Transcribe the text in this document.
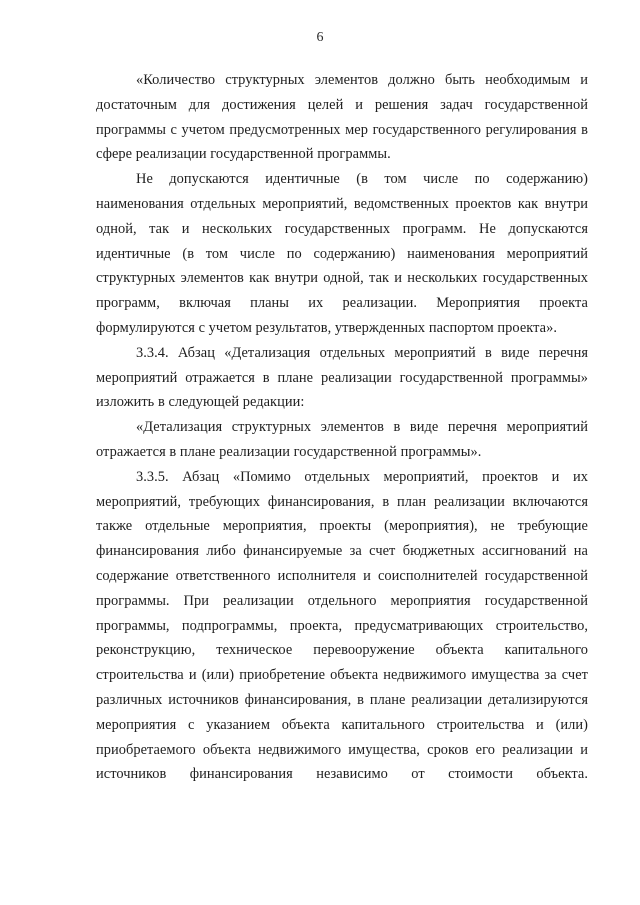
6

«Количество структурных элементов должно быть необходимым и достаточным для достижения целей и решения задач государственной программы с учетом предусмотренных мер государственного регулирования в сфере реализации государственной программы.

Не допускаются идентичные (в том числе по содержанию) наименования отдельных мероприятий, ведомственных проектов как внутри одной, так и нескольких государственных программ. Не допускаются идентичные (в том числе по содержанию) наименования мероприятий структурных элементов как внутри одной, так и нескольких государственных программ, включая планы их реализации. Мероприятия проекта формулируются с учетом результатов, утвержденных паспортом проекта».

3.3.4. Абзац «Детализация отдельных мероприятий в виде перечня мероприятий отражается в плане реализации государственной программы» изложить в следующей редакции:

«Детализация структурных элементов в виде перечня мероприятий отражается в плане реализации государственной программы».

3.3.5. Абзац «Помимо отдельных мероприятий, проектов и их мероприятий, требующих финансирования, в план реализации включаются также отдельные мероприятия, проекты (мероприятия), не требующие финансирования либо финансируемые за счет бюджетных ассигнований на содержание ответственного исполнителя и соисполнителей государственной программы. При реализации отдельного мероприятия государственной программы, подпрограммы, проекта, предусматривающих строительство, реконструкцию, техническое перевооружение объекта капитального строительства и (или) приобретение объекта недвижимого имущества за счет различных источников финансирования, в плане реализации детализируются мероприятия с указанием объекта капитального строительства и (или) приобретаемого объекта недвижимого имущества, сроков его реализации и источников финансирования независимо от стоимости объекта.
